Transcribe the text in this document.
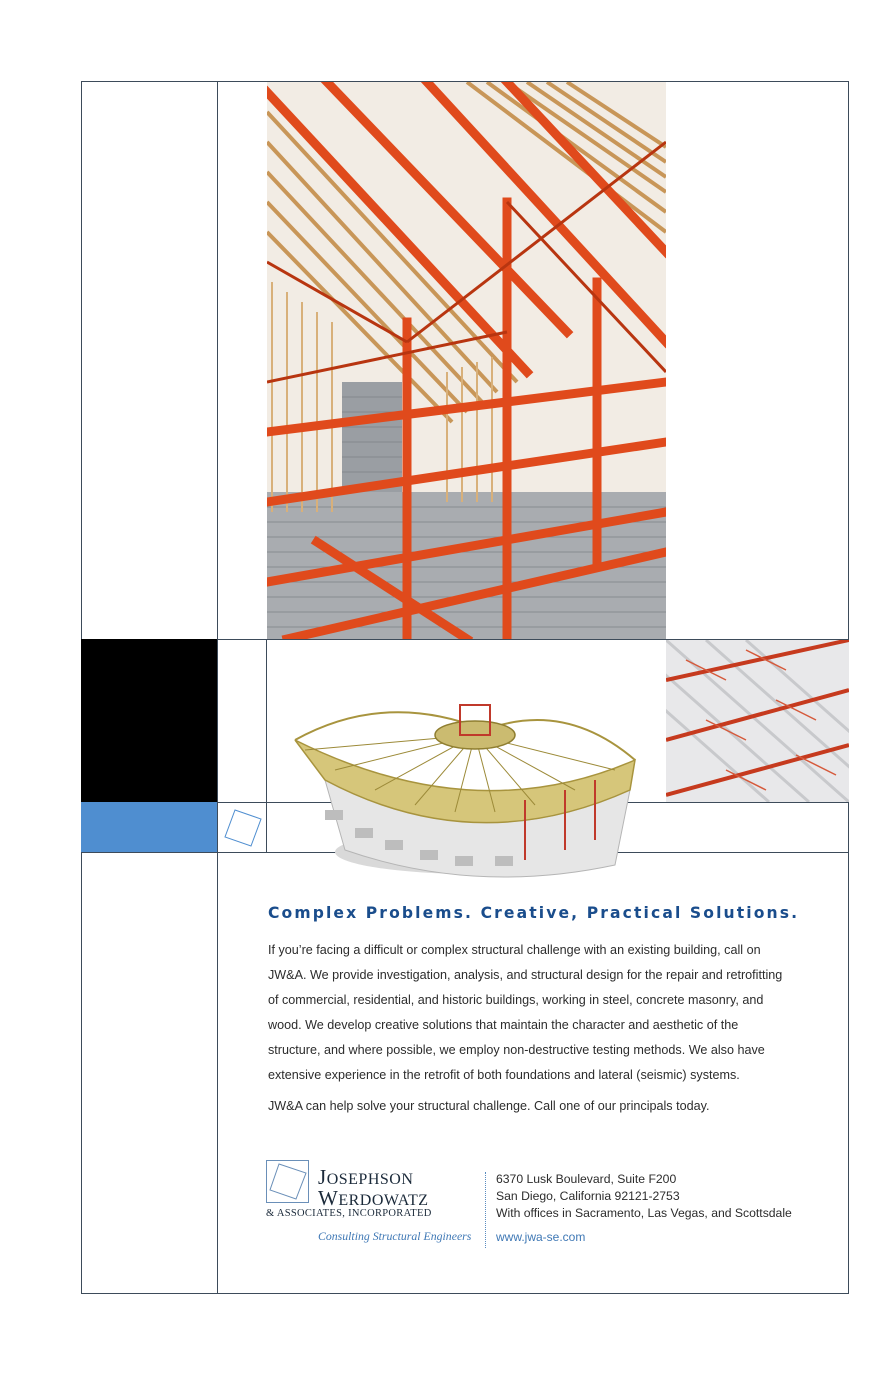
Complex Problems. Creative, Practical Solutions.

If you’re facing a difficult or complex structural challenge with an existing building, call on JW&A. We provide investigation, analysis, and structural design for the repair and retrofitting of commercial, residential, and historic buildings, working in steel, concrete masonry, and wood. We develop creative solutions that maintain the character and aesthetic of the structure, and where possible, we employ non-destructive testing methods. We also have extensive experience in the retrofit of both foundations and lateral (seismic) systems.

JW&A can help solve your structural challenge. Call one of our principals today.

JOSEPHSON
WERDOWATZ
& ASSOCIATES, INCORPORATED
Consulting Structural Engineers
6370 Lusk Boulevard, Suite F200
San Diego, California 92121-2753
With offices in Sacramento, Las Vegas, and Scottsdale
www.jwa-se.com
